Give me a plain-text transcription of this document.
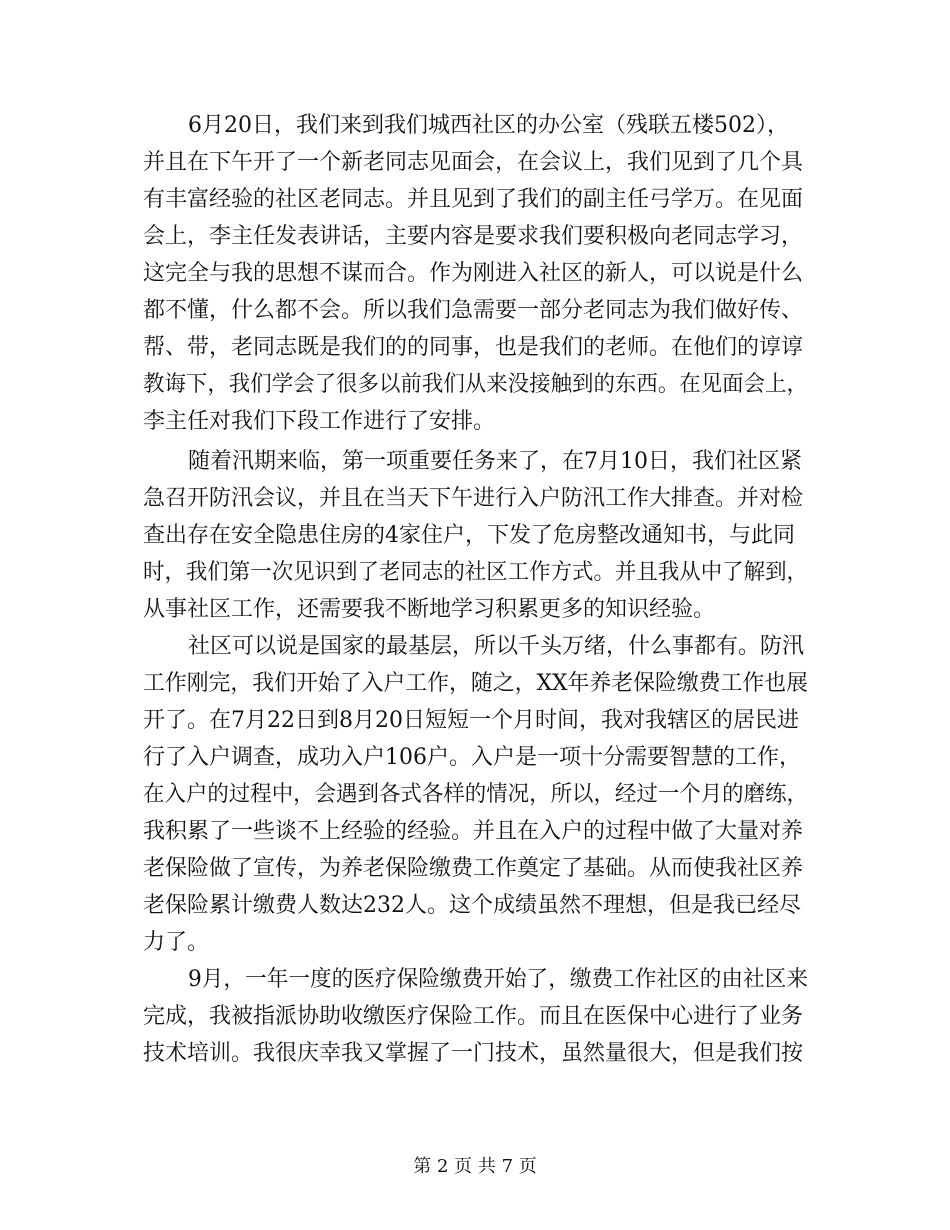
6月20日，我们来到我们城西社区的办公室（残联五楼502），
并且在下午开了一个新老同志见面会，在会议上，我们见到了几个具
有丰富经验的社区老同志。并且见到了我们的副主任弓学万。在见面
会上，李主任发表讲话，主要内容是要求我们要积极向老同志学习，
这完全与我的思想不谋而合。作为刚进入社区的新人，可以说是什么
都不懂，什么都不会。所以我们急需要一部分老同志为我们做好传、
帮、带，老同志既是我们的的同事，也是我们的老师。在他们的谆谆
教诲下，我们学会了很多以前我们从来没接触到的东西。在见面会上，
李主任对我们下段工作进行了安排。
随着汛期来临，第一项重要任务来了，在7月10日，我们社区紧
急召开防汛会议，并且在当天下午进行入户防汛工作大排查。并对检
查出存在安全隐患住房的4家住户，下发了危房整改通知书，与此同
时，我们第一次见识到了老同志的社区工作方式。并且我从中了解到，
从事社区工作，还需要我不断地学习积累更多的知识经验。
社区可以说是国家的最基层，所以千头万绪，什么事都有。防汛
工作刚完，我们开始了入户工作，随之，XX年养老保险缴费工作也展
开了。在7月22日到8月20日短短一个月时间，我对我辖区的居民进
行了入户调查，成功入户106户。入户是一项十分需要智慧的工作，
在入户的过程中，会遇到各式各样的情况，所以，经过一个月的磨练，
我积累了一些谈不上经验的经验。并且在入户的过程中做了大量对养
老保险做了宣传，为养老保险缴费工作奠定了基础。从而使我社区养
老保险累计缴费人数达232人。这个成绩虽然不理想，但是我已经尽
力了。
9月，一年一度的医疗保险缴费开始了，缴费工作社区的由社区来
完成，我被指派协助收缴医疗保险工作。而且在医保中心进行了业务
技术培训。我很庆幸我又掌握了一门技术，虽然量很大，但是我们按
第 2 页 共 7 页
